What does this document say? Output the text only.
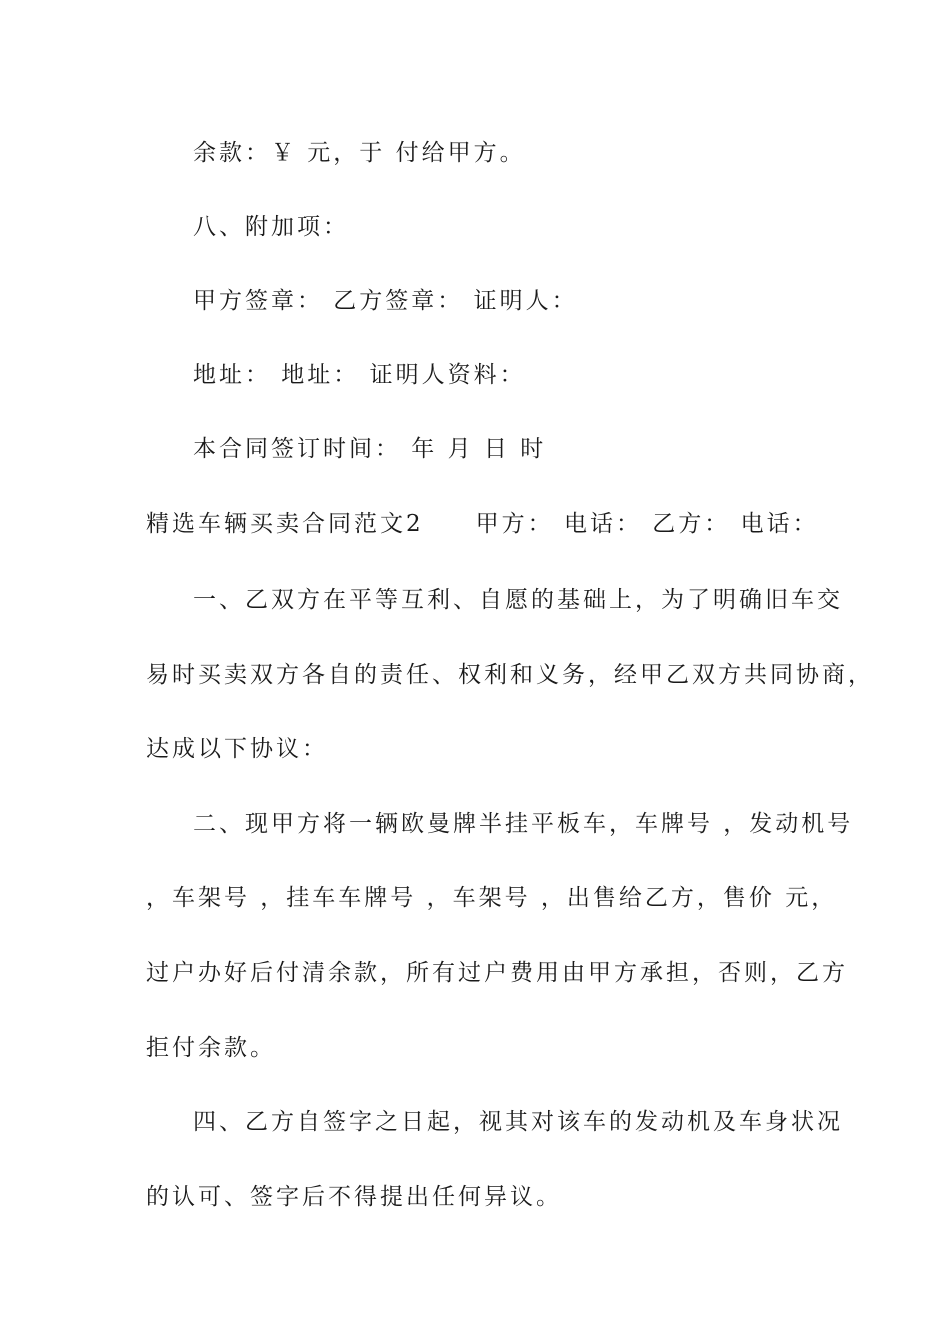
余款：￥ 元，于 付给甲方。
八、附加项：
甲方签章： 乙方签章： 证明人：
地址： 地址： 证明人资料：
本合同签订时间： 年 月 日 时
精选车辆买卖合同范文2 甲方： 电话： 乙方： 电话：
一、乙双方在平等互利、自愿的基础上，为了明确旧车交
易时买卖双方各自的责任、权利和义务，经甲乙双方共同协商，
达成以下协议：
二、现甲方将一辆欧曼牌半挂平板车，车牌号 ，发动机号
，车架号 ，挂车车牌号 ，车架号 ，出售给乙方，售价 元，
过户办好后付清余款，所有过户费用由甲方承担，否则，乙方
拒付余款。
四、乙方自签字之日起，视其对该车的发动机及车身状况
的认可、签字后不得提出任何异议。
